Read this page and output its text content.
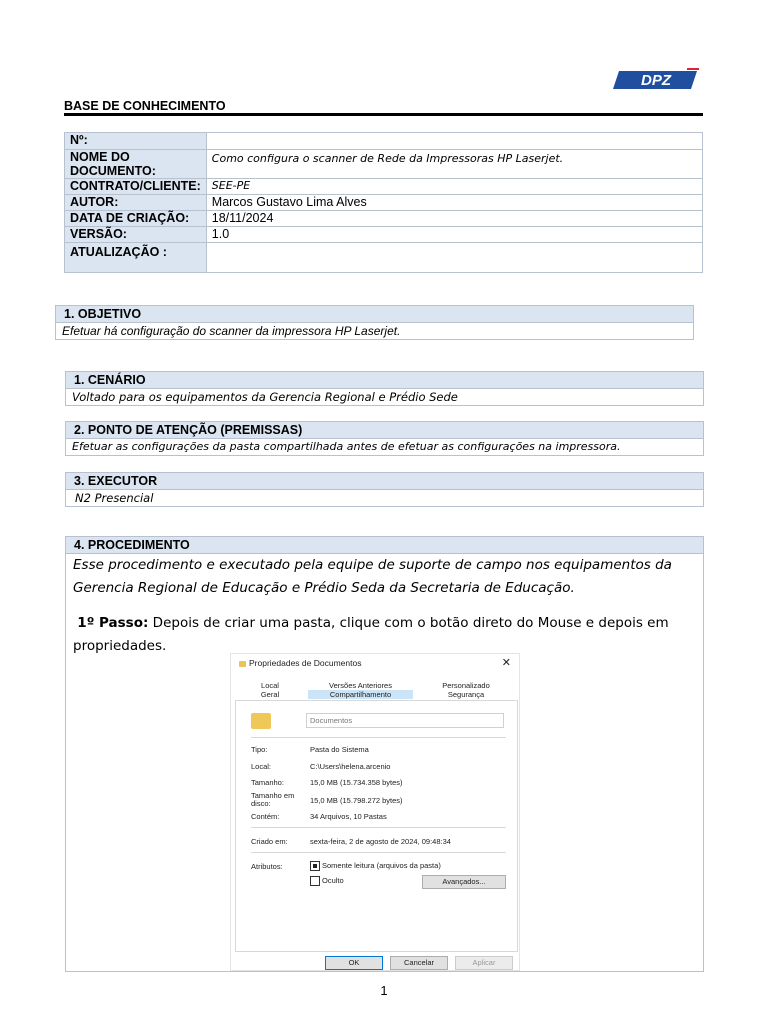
DPZ
BASE DE CONHECIMENTO
Nº:	
NOME DO DOCUMENTO:	Como configura o scanner de Rede da Impressoras HP Laserjet.
CONTRATO/CLIENTE:	SEE-PE
AUTOR:	Marcos Gustavo Lima Alves
DATA DE CRIAÇÃO:	18/11/2024
VERSÃO:	1.0
ATUALIZAÇÃO :	
1. OBJETIVO
Efetuar há configuração do scanner da impressora HP Laserjet.
1. CENÁRIO
Voltado para os equipamentos da Gerencia Regional e Prédio Sede
2. PONTO DE ATENÇÃO (PREMISSAS)
Efetuar as configurações da pasta compartilhada antes de efetuar as configurações na impressora.
3. EXECUTOR
N2 Presencial
4. PROCEDIMENTO
Esse procedimento e executado pela equipe de suporte de campo nos equipamentos da Gerencia Regional de Educação e Prédio Seda da Secretaria de Educação.
1º Passo: Depois de criar uma pasta, clique com o botão direto do Mouse e depois em propriedades.
Propriedades de Documentos	✕
Local	Versões Anteriores	Personalizado
Geral	Compartilhamento	Segurança
Documentos
Tipo:	Pasta do Sistema
Local:	C:\Users\helena.arcenio
Tamanho:	15,0 MB (15.734.358 bytes)
Tamanho em disco:	15,0 MB (15.798.272 bytes)
Contém:	34 Arquivos, 10 Pastas
Criado em:	sexta-feira, 2 de agosto de 2024, 09:48:34
Atributos:	Somente leitura (arquivos da pasta)
Oculto	Avançados...
OK	Cancelar	Aplicar
1
